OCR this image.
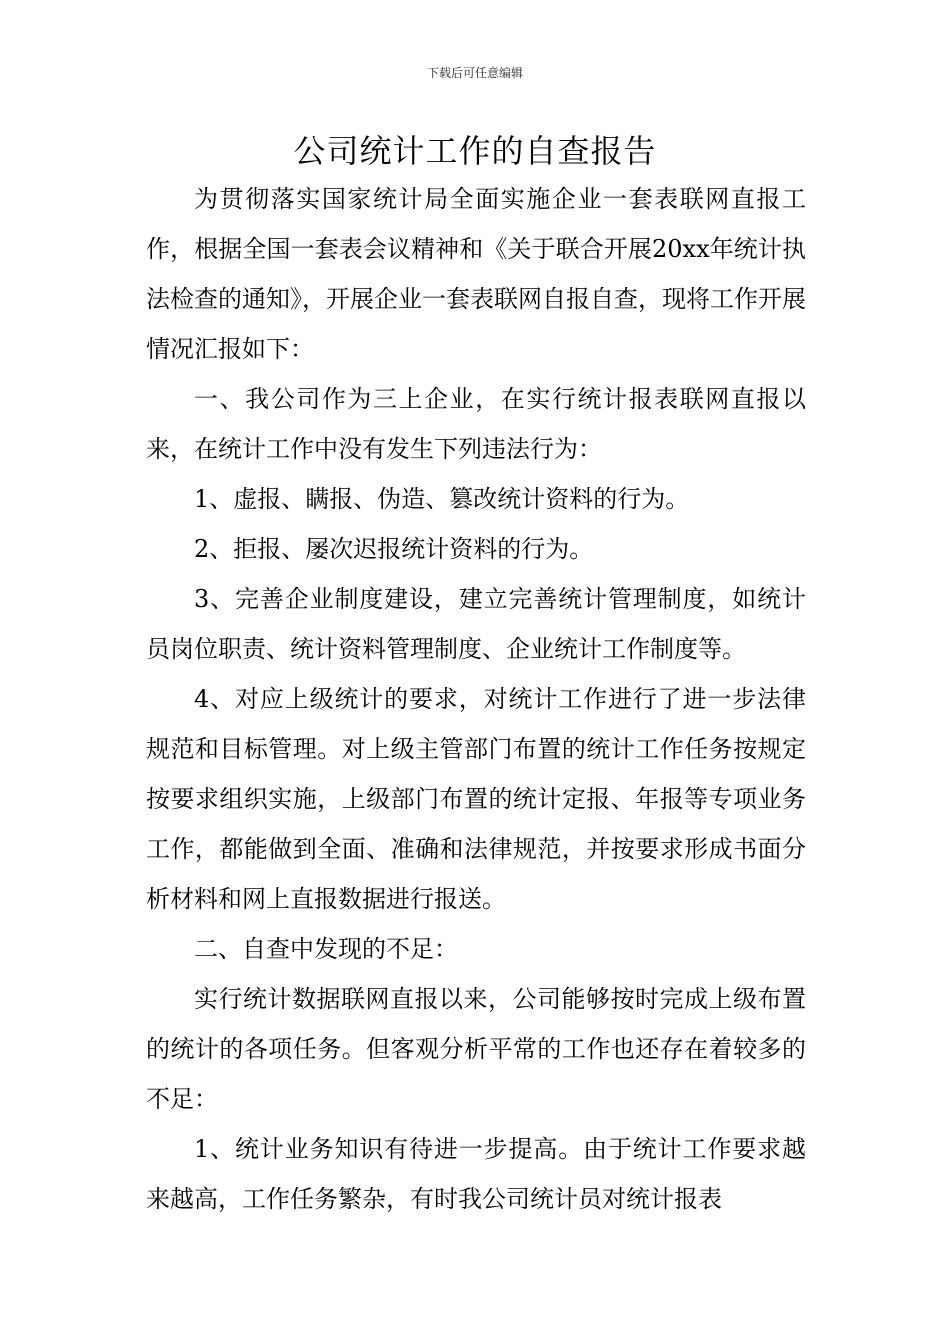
下载后可任意编辑
公司统计工作的自查报告

为贯彻落实国家统计局全面实施企业一套表联网直报工作，根据全国一套表会议精神和《关于联合开展20xx年统计执法检查的通知》，开展企业一套表联网自报自查，现将工作开展情况汇报如下：

一、我公司作为三上企业，在实行统计报表联网直报以来，在统计工作中没有发生下列违法行为：

1、虚报、瞒报、伪造、篡改统计资料的行为。

2、拒报、屡次迟报统计资料的行为。

3、完善企业制度建设，建立完善统计管理制度，如统计员岗位职责、统计资料管理制度、企业统计工作制度等。

4、对应上级统计的要求，对统计工作进行了进一步法律规范和目标管理。对上级主管部门布置的统计工作任务按规定按要求组织实施，上级部门布置的统计定报、年报等专项业务工作，都能做到全面、准确和法律规范，并按要求形成书面分析材料和网上直报数据进行报送。

二、自查中发现的不足：

实行统计数据联网直报以来，公司能够按时完成上级布置的统计的各项任务。但客观分析平常的工作也还存在着较多的不足：

1、统计业务知识有待进一步提高。由于统计工作要求越来越高，工作任务繁杂，有时我公司统计员对统计报表
